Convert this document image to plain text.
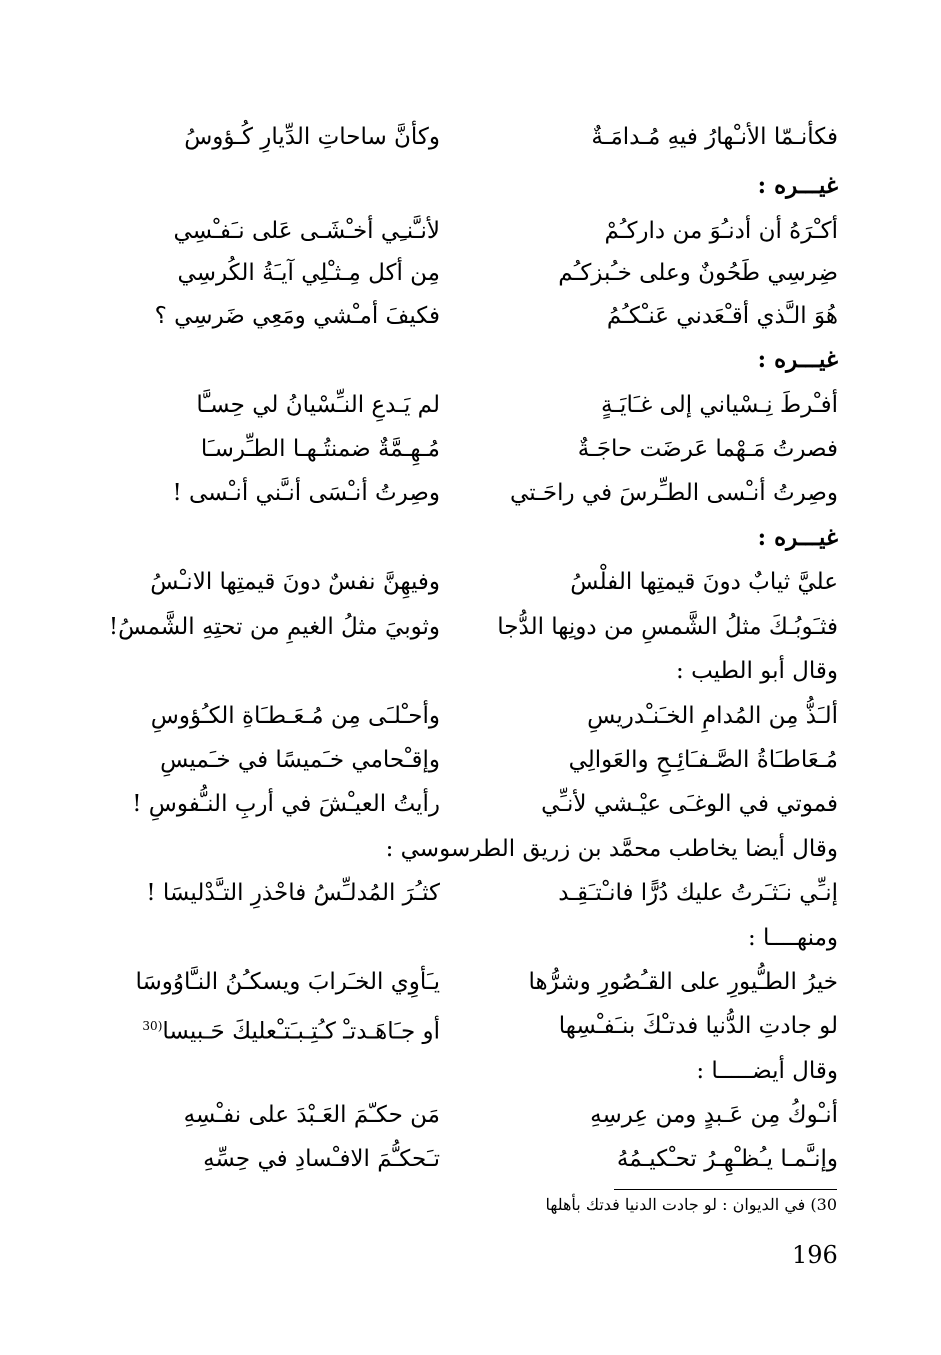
فكأنـمّا الأنـْهارُ فيهِ مُـدامَـةٌ
وكأنَّ ساحاتِ الدِّيارِ كُـؤوسُ
غيـــره :
أكـْرَهُ أن أدنـُوَ من داركـُمْ
لأنـَّنـِي أخـْشَـى عَلى نـَفـْسِي
ضِرسِي طَحُونٌ وعلى خـُبزكـُم
مِن أكل مِـثـْلِي آيـَةُ الكُرسِي
هُوَ الـَّذي أقـْعَدني عَنـْكـُمُ
فكيفَ أمـْشي ومَعِي ضَرسِي ؟
غيـــره :
أفـْرطَ نِـسْياني إلى غـَايَـةٍ
لم يَـدعِ النـِّسْيانُ لي حِسـَّا
فصرتُ مَـهْما عَرضَت حاجَـةٌ
مُـهِـمَّةٌ ضمنتُـهـا الطـِّرسـَا
وصِرتُ أنـْسى الطـِّرسَ في راحَـتي
وصِرتُ أنـْسَى أنـَّني أنـْسى !
غيـــره :
عليَّ ثيابٌ دونَ قيمتِها الفلْسُ
وفيهِنَّ نفسٌ دونَ قيمتِها الانـْسُ
فثـَوبُـكَ مثلُ الشَّمسِ من دونِها الدُّجا
وثوبيَ مثلُ الغيمِ من تحتِهِ الشَّمسُ!
وقال أبو الطيب :
ألـَذُّ مِن المُدامِ الخـَنـْدريسِ
وأحـْلـَى مِن مُـعَـطـَاةِ الكـُؤوسِ
مُـعَاطـَاةُ الصَّـفـَائِـحِ والعَوالِي
وإقـْحامي خـَميسًا في خـَميسِ
فموتي في الوغـَى عيْـشي لأنـِّي
رأيتُ العيـْشَ في أربِ النـُّفوسِ !
وقال أيضا يخاطب محمَّد بن زريق الطرسوسي :
إنـِّي نـَثـَرتُ عليك دُرًّا فانـْتـَقِـد
كثـُرَ المُدلـِّسُ فاحْذرِ التـَّدْليسَا !
ومنهــــا :
خيرُ الطـُّيورِ على القـُصُورِ وشرُّها
يـَأوِي الخـَرابَ ويسكـُنُ النـَّاوُوسَا
لو جادتِ الدُّنيا فدتـْكَ بنـَفـْسِها
أو جـَاهَـدتـْ كـُتِـبـَتـْعليكَ حَـبيسا$^{(30}$
وقال أيضـــــا :
أنـْوكُ مِن عَـبدٍ ومن عِرسِهِ
مَن حكـّمَ العَـبْدَ على نفـْسِهِ
وإنـَّمـا يـُظـْهِـرُ تحـْكيـمُهُ
تـَحكـُّمَ الافـْسادِ في حِسِّهِ
30) في الديوان : لو جادت الدنيا فدتك بأهلها
196
